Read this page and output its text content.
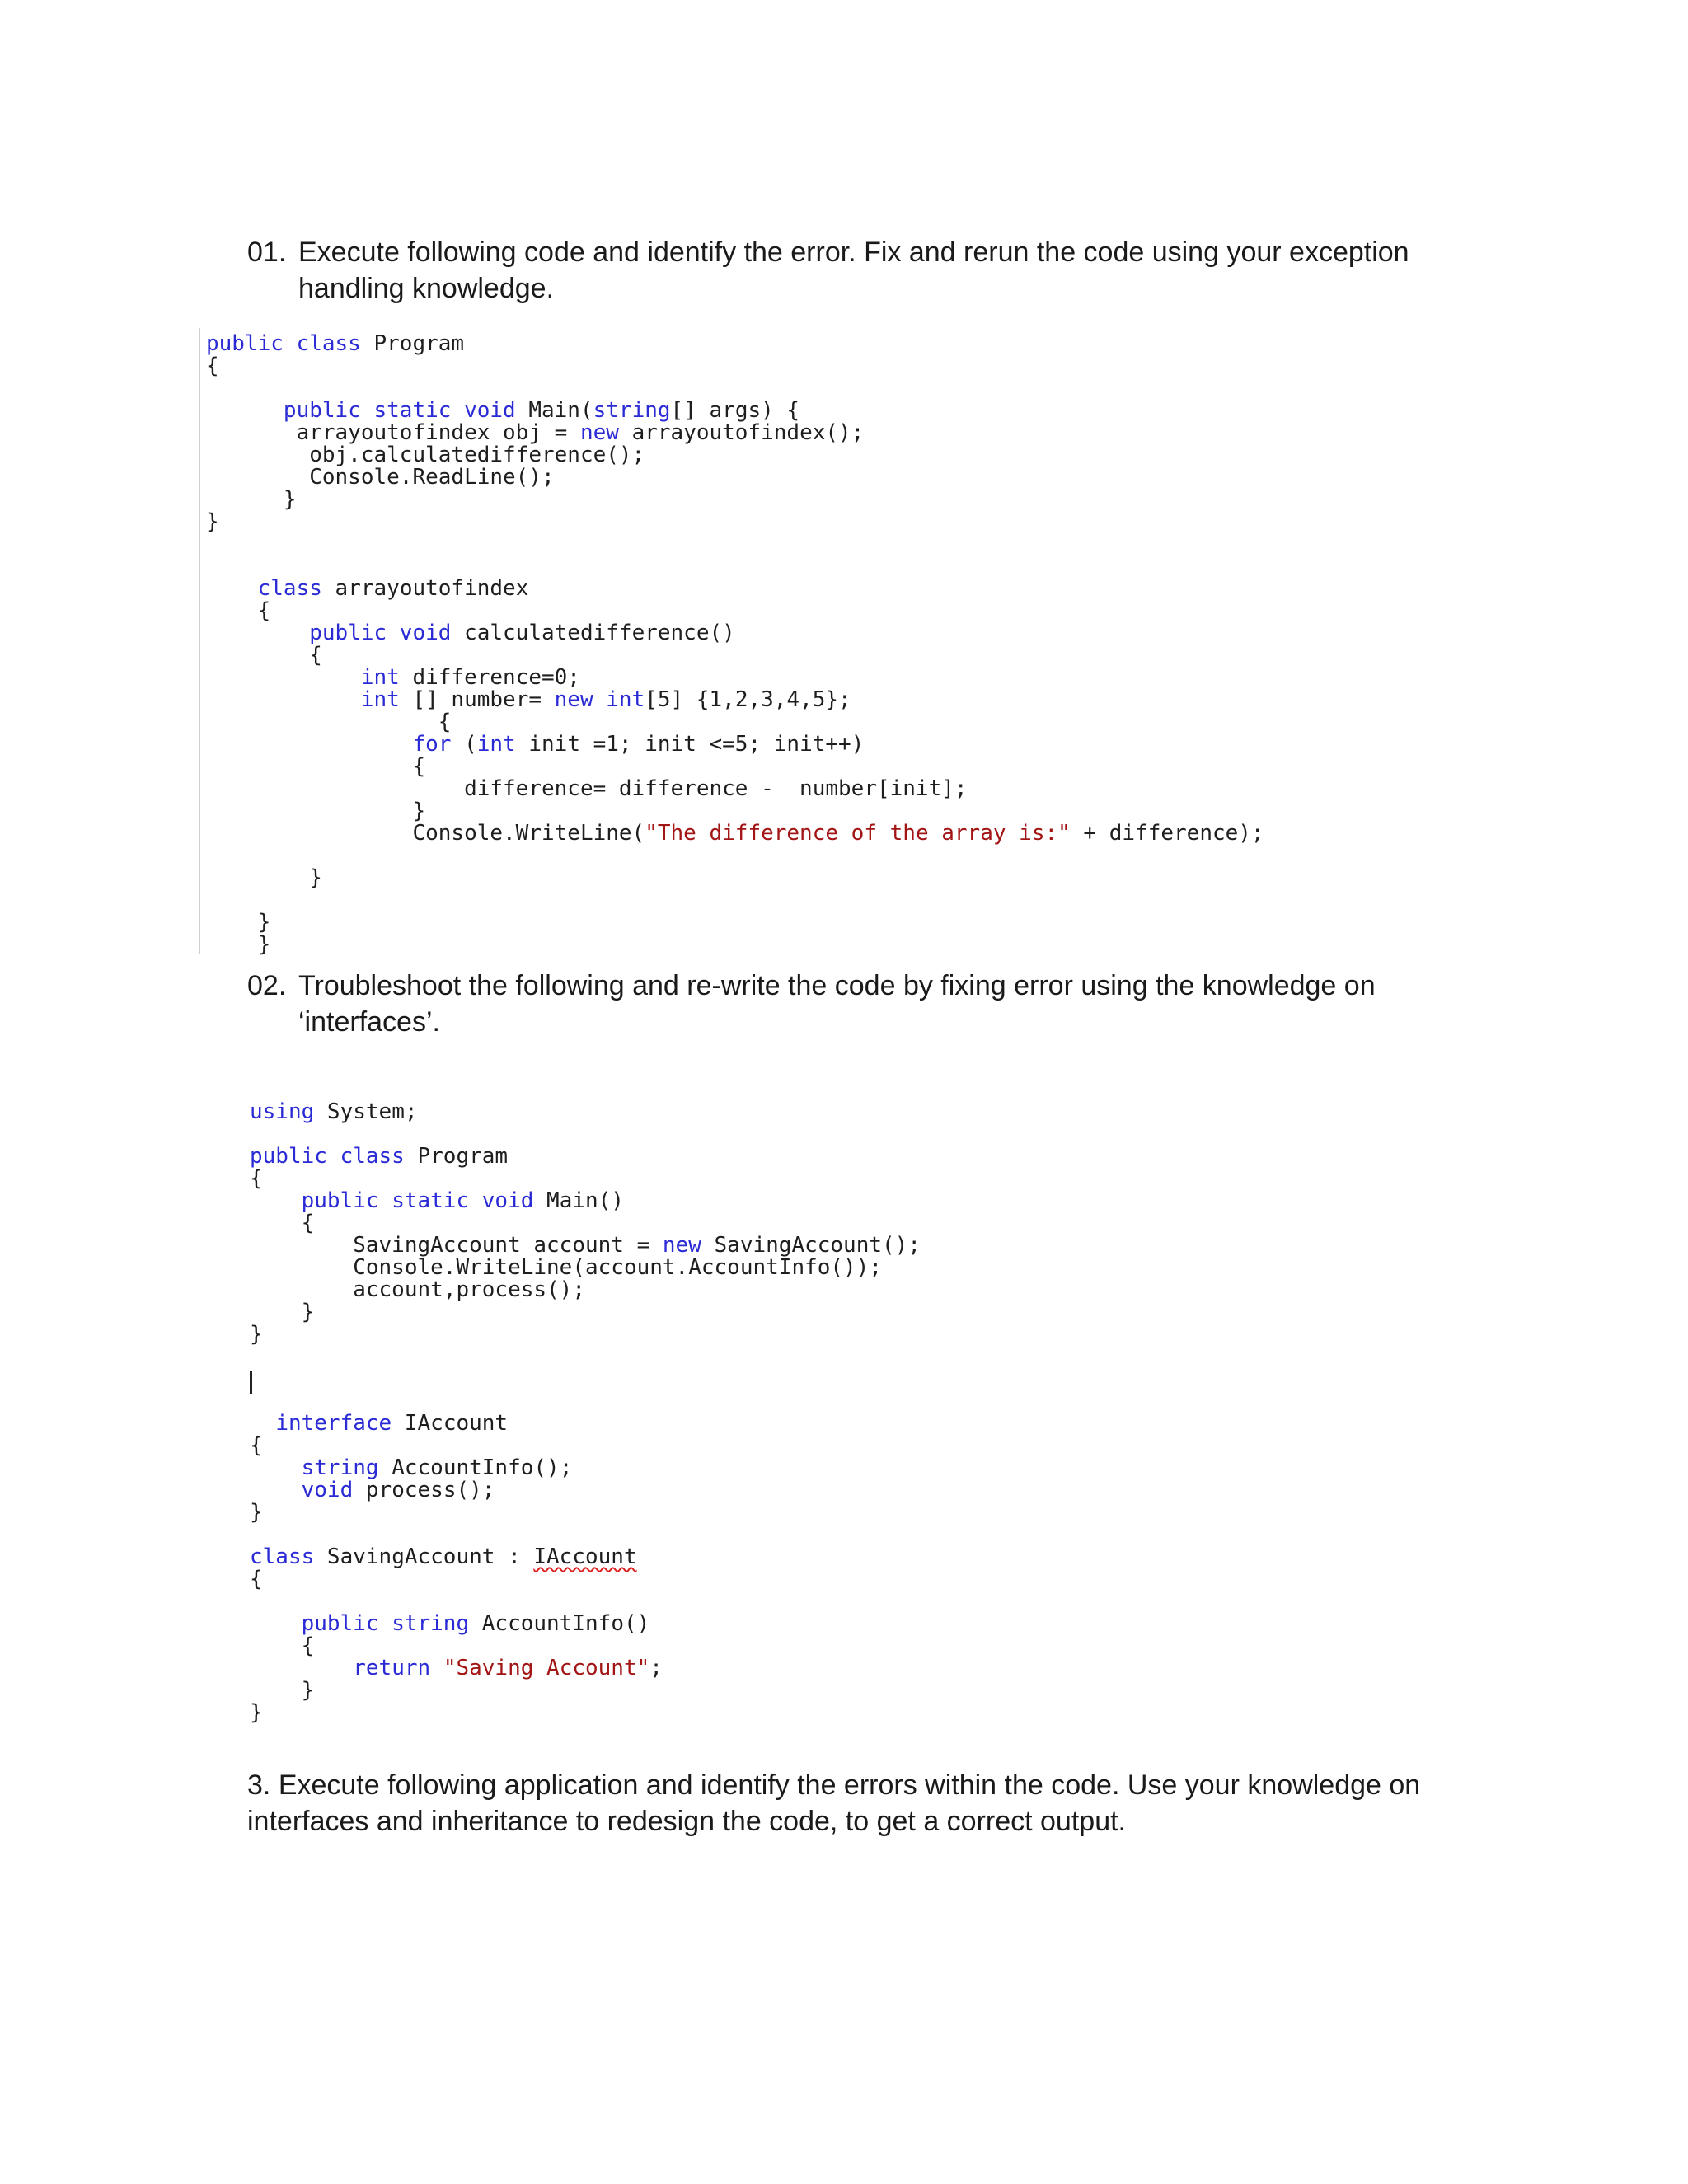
01. Execute following code and identify the error. Fix and rerun the code using your exception handling knowledge.
public class Program
{

public static void Main(string[] args) {
arrayoutofindex obj = new arrayoutofindex();
obj.calculatedifference();
Console.ReadLine();
}
}

class arrayoutofindex
{
public void calculatedifference()
{
int difference=0;
int [] number= new int[5] {1,2,3,4,5};
{
for (int init =1; init <=5; init++)
{
difference= difference -  number[init];
}
Console.WriteLine("The difference of the array is:" + difference);

}

}
}
02. Troubleshoot the following and re-write the code by fixing error using the knowledge on ‘interfaces’.
using System;

public class Program
{
public static void Main()
{
SavingAccount account = new SavingAccount();
Console.WriteLine(account.AccountInfo());
account,process();
}
}

interface IAccount
{
string AccountInfo();
void process();
}

class SavingAccount : IAccount
{

public string AccountInfo()
{
return "Saving Account";
}
}
3. Execute following application and identify the errors within the code. Use your knowledge on interfaces and inheritance to redesign the code, to get a correct output.
